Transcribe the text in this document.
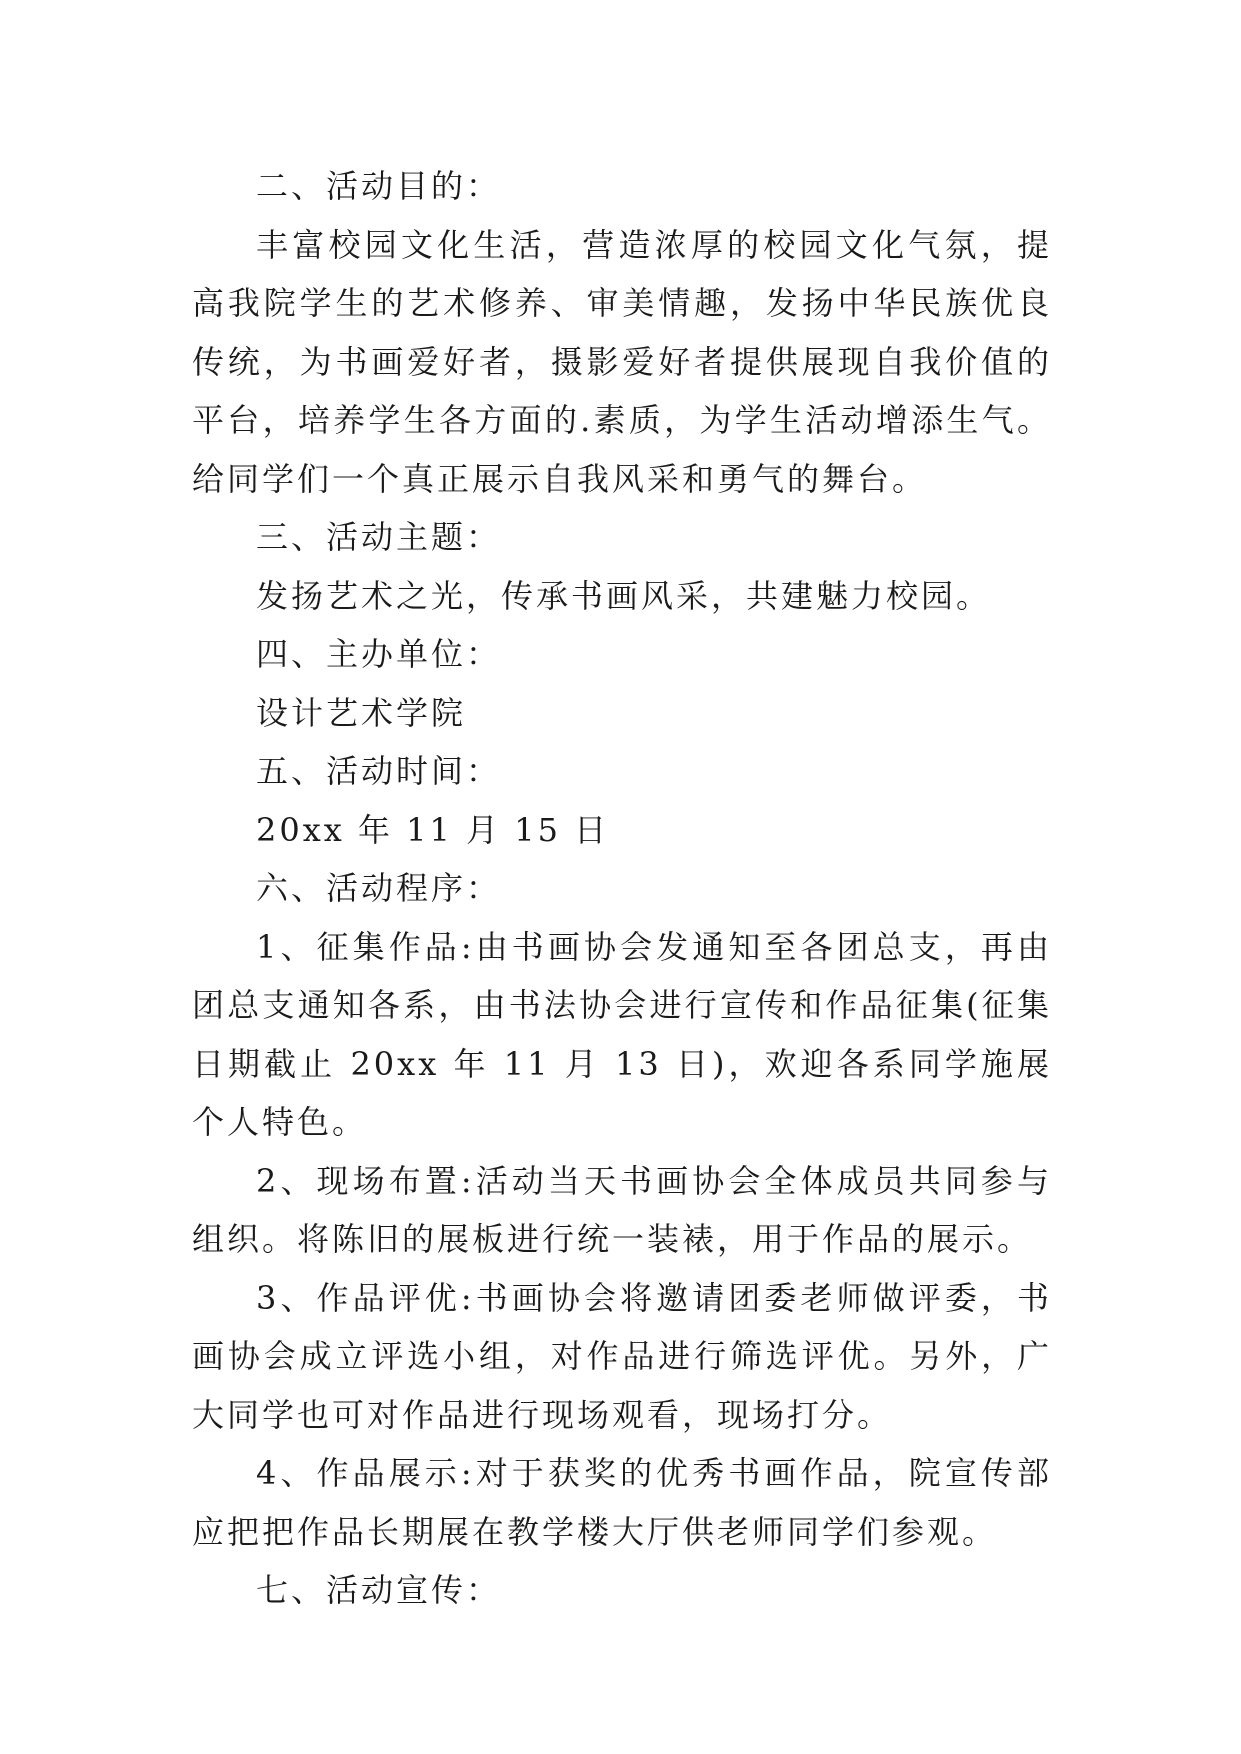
二、活动目的：

丰富校园文化生活，营造浓厚的校园文化气氛，提高我院学生的艺术修养、审美情趣，发扬中华民族优良传统，为书画爱好者，摄影爱好者提供展现自我价值的平台，培养学生各方面的.素质，为学生活动增添生气。给同学们一个真正展示自我风采和勇气的舞台。

三、活动主题：

发扬艺术之光，传承书画风采，共建魅力校园。

四、主办单位：

设计艺术学院

五、活动时间：

20xx 年 11 月 15 日

六、活动程序：

1、征集作品:由书画协会发通知至各团总支，再由团总支通知各系，由书法协会进行宣传和作品征集(征集日期截止 20xx 年 11 月 13 日)，欢迎各系同学施展个人特色。

2、现场布置:活动当天书画协会全体成员共同参与组织。将陈旧的展板进行统一装裱，用于作品的展示。

3、作品评优:书画协会将邀请团委老师做评委，书画协会成立评选小组，对作品进行筛选评优。另外，广大同学也可对作品进行现场观看，现场打分。

4、作品展示:对于获奖的优秀书画作品，院宣传部应把把作品长期展在教学楼大厅供老师同学们参观。

七、活动宣传：
